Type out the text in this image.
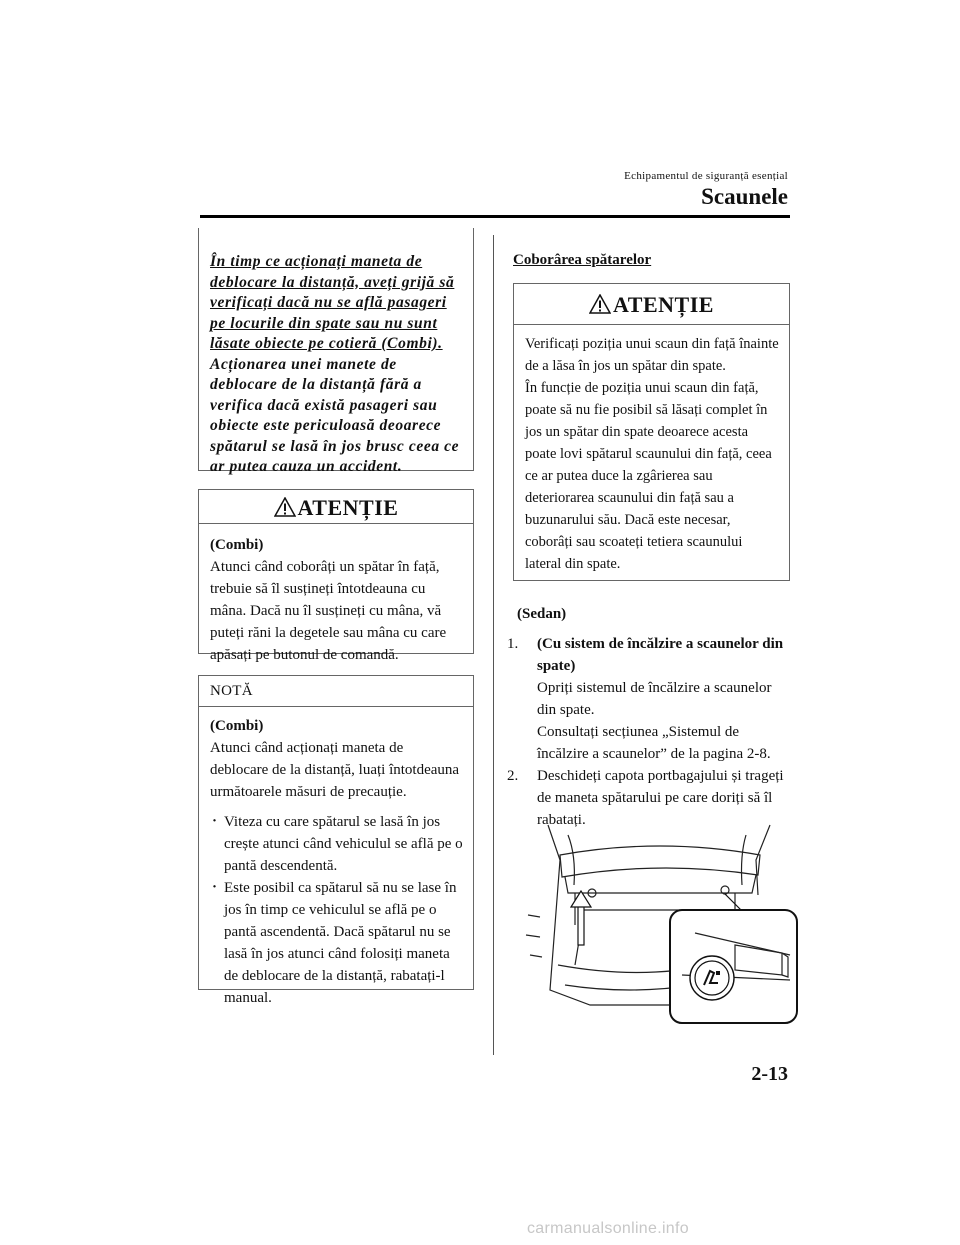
Echipamentul de siguranță esențial
Scaunele
În timp ce acționați maneta de deblocare la distanță, aveți grijă să verificați dacă nu se află pasageri pe locurile din spate sau nu sunt lăsate obiecte pe cotieră (Combi). Acționarea unei manete de deblocare de la distanță fără a verifica dacă există pasageri sau obiecte este periculoasă deoarece spătarul se lasă în jos brusc ceea ce ar putea cauza un accident.
ATENȚIE
(Combi)
Atunci când coborâți un spătar în față, trebuie să îl susțineți întotdeauna cu mâna. Dacă nu îl susțineți cu mâna, vă puteți răni la degetele sau mâna cu care apăsați pe butonul de comandă.
NOTĂ
(Combi)
Atunci când acționați maneta de deblocare de la distanță, luați întotdeauna următoarele măsuri de precauție.
· Viteza cu care spătarul se lasă în jos crește atunci când vehiculul se află pe o pantă descendentă.
· Este posibil ca spătarul să nu se lase în jos în timp ce vehiculul se află pe o pantă ascendentă. Dacă spătarul nu se lasă în jos atunci când folosiți maneta de deblocare de la distanță, rabatați-l manual.
Coborârea spătarelor
ATENȚIE
Verificați poziția unui scaun din față înainte de a lăsa în jos un spătar din spate.
În funcție de poziția unui scaun din față, poate să nu fie posibil să lăsați complet în jos un spătar din spate deoarece acesta poate lovi spătarul scaunului din față, ceea ce ar putea duce la zgârierea sau deteriorarea scaunului din față sau a buzunarului său. Dacă este necesar, coborâți sau scoateți tetiera scaunului lateral din spate.
(Sedan)
1.	(Cu sistem de încălzire a scaunelor din spate)
Opriți sistemul de încălzire a scaunelor din spate.
Consultați secțiunea „Sistemul de încălzire a scaunelor” de la pagina 2-8.
2.	Deschideți capota portbagajului și trageți de maneta spătarului pe care doriți să îl rabatați.
2-13
carmanualsonline.info
